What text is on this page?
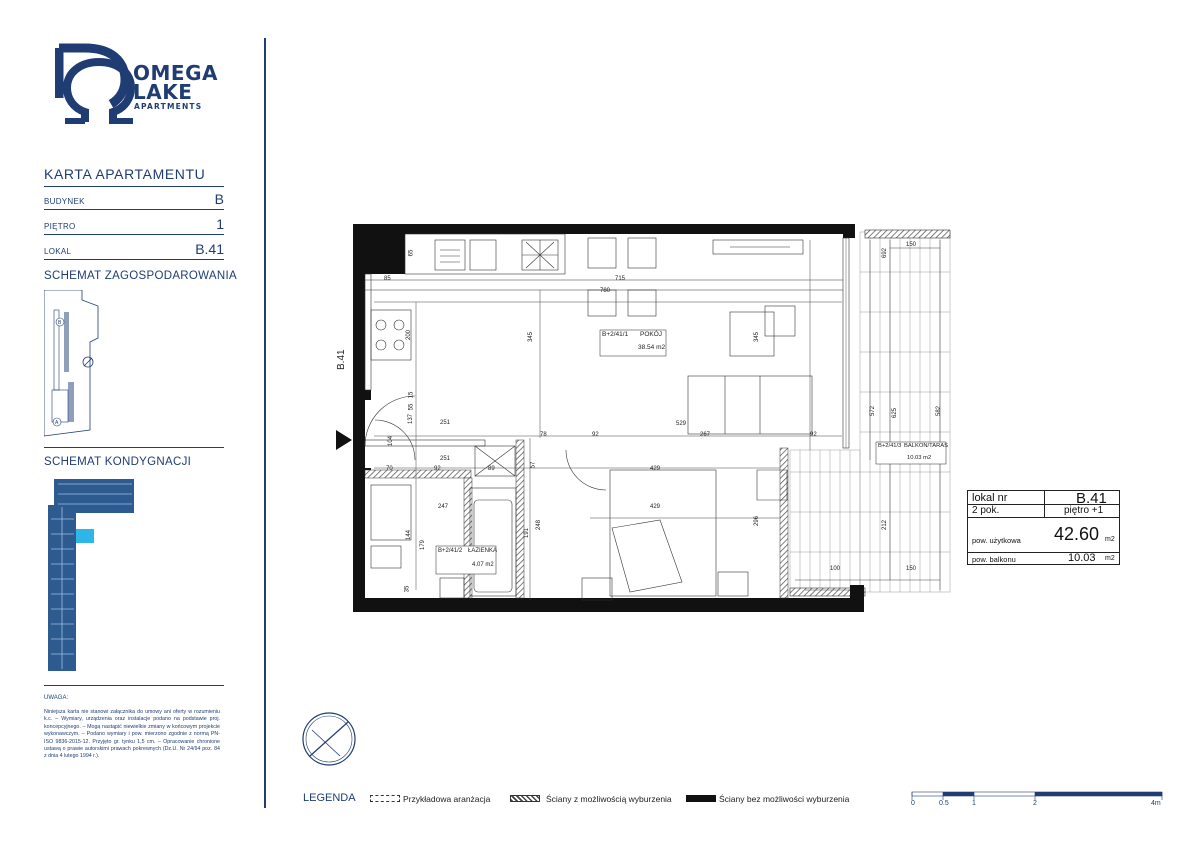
OMEGA
LAKE
APARTMENTS
KARTA APARTAMENTU
BUDYNEK	B
PIĘTRO	1
LOKAL	B.41
SCHEMAT ZAGOSPODAROWANIA
B
A
SCHEMAT KONDYGNACJI
UWAGA:
Niniejsza karta nie stanowi załącznika do umowy ani oferty w rozumieniu k.c. – Wymiary, urządzenia oraz instalacje podano na podstawie proj. koncepcyjnego. – Mogą nastąpić niewielkie zmiany w końcowym projekcie wykonawczym. – Podano wymiary i pow. mierzono zgodnie z normą PN-ISO 9836-2015-12. Przyjęto gr. tynku 1,5 cm. – Opracowanie chronione ustawą o prawie autorskimi prawach pokrewnych (Dz.U. Nr 24/94 poz. 84 z dnia 4 lutego 1994 r.).
B.41
B+2/41/1 POKÓJ
38.54 m2
B+2/41/3 BALKON/TARAS
10.03 m2
B+2/41/2 ŁAZIENKA
4.07 m2
715
780
85
65
200	345	345
251
251
529
267
92	92
92
78
70
104
137
89
57
429
429
247
248
144
179
35
296
150
150
100
692
572	625	582
212
15
55
191
lokal nr	B.41
2 pok.	piętro +1
pow. użytkowa 42.60 m2
pow. balkonu	10.03 m2
LEGENDA	Przykładowa aranżacja	Ściany z możliwością wyburzenia	Ściany bez możliwości wyburzenia	0	0.5	1	2	4m
